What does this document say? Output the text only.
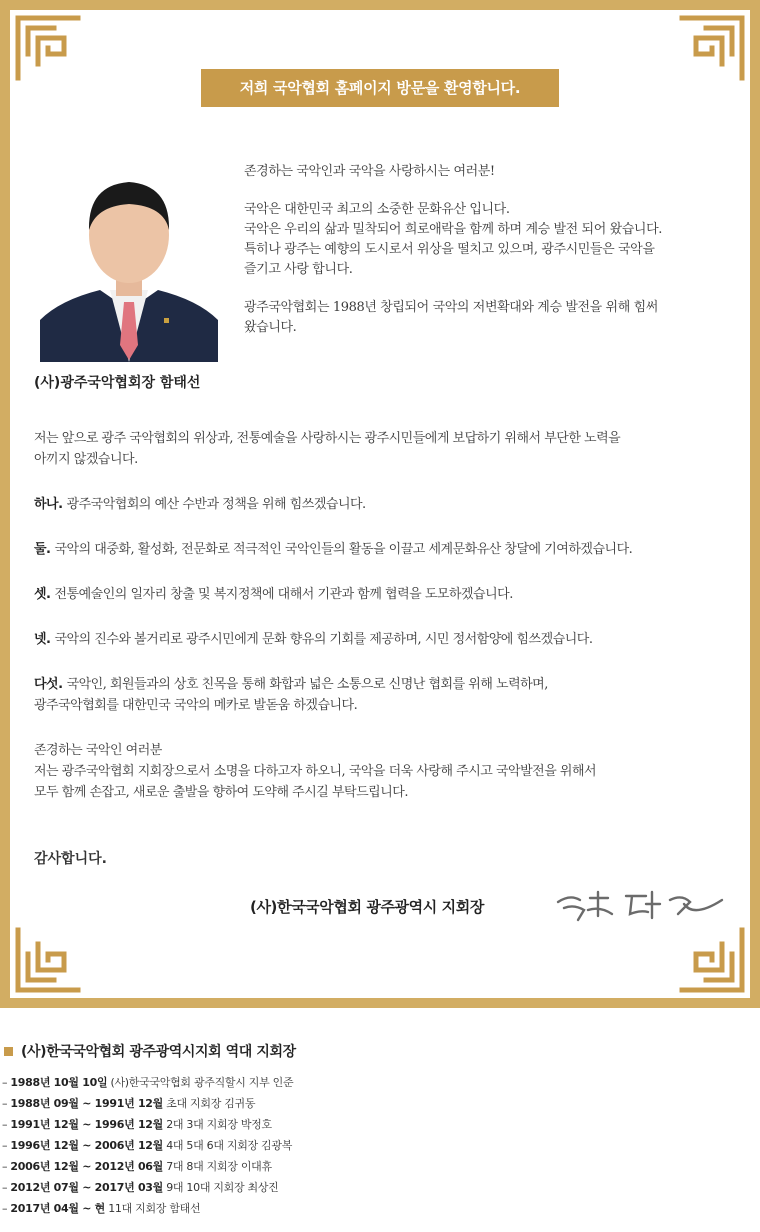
저희 국악협회 홈페이지 방문을 환영합니다.
(사)광주국악협회장 함태선

존경하는 국악인과 국악을 사랑하시는 여러분!

국악은 대한민국 최고의 소중한 문화유산 입니다.
국악은 우리의 삶과 밀착되어 희로애락을 함께 하며 계승 발전 되어 왔습니다.
특히나 광주는 예향의 도시로서 위상을 떨치고 있으며, 광주시민들은 국악을
즐기고 사랑 합니다.

광주국악협회는 1988년 창립되어 국악의 저변확대와 계승 발전을 위해 힘써
왔습니다.

저는 앞으로 광주 국악협회의 위상과, 전통예술을 사랑하시는 광주시민들에게 보답하기 위해서 부단한 노력을
아끼지 않겠습니다.

하나. 광주국악협회의 예산 수반과 정책을 위해 힘쓰겠습니다.

둘. 국악의 대중화, 활성화, 전문화로 적극적인 국악인들의 활동을 이끌고 세계문화유산 창달에 기여하겠습니다.

셋. 전통예술인의 일자리 창출 및 복지정책에 대해서 기관과 함께 협력을 도모하겠습니다.

넷. 국악의 진수와 볼거리로 광주시민에게 문화 향유의 기회를 제공하며, 시민 정서함양에 힘쓰겠습니다.

다섯. 국악인, 회원들과의 상호 친목을 통해 화합과 넓은 소통으로 신명난 협회를 위해 노력하며,
광주국악협회를 대한민국 국악의 메카로 발돋움 하겠습니다.

존경하는 국악인 여러분
저는 광주국악협회 지회장으로서 소명을 다하고자 하오니, 국악을 더욱 사랑해 주시고 국악발전을 위해서
모두 함께 손잡고, 새로운 출발을 향하여 도약해 주시길 부탁드립니다.

감사합니다.
(사)한국국악협회 광주광역시 지회장
(사)한국국악협회 광주광역시지회 역대 지회장
– 1988년 10월 10일 (사)한국국악협회 광주직할시 지부 인준
– 1988년 09월 ~ 1991년 12월 초대 지회장 김귀동
– 1991년 12월 ~ 1996년 12월 2대 3대 지회장 박정호
– 1996년 12월 ~ 2006년 12월 4대 5대 6대 지회장 김광복
– 2006년 12월 ~ 2012년 06월 7대 8대 지회장 이대휴
– 2012년 07월 ~ 2017년 03월 9대 10대 지회장 최상진
– 2017년 04월 ~ 현 11대 지회장 함태선
